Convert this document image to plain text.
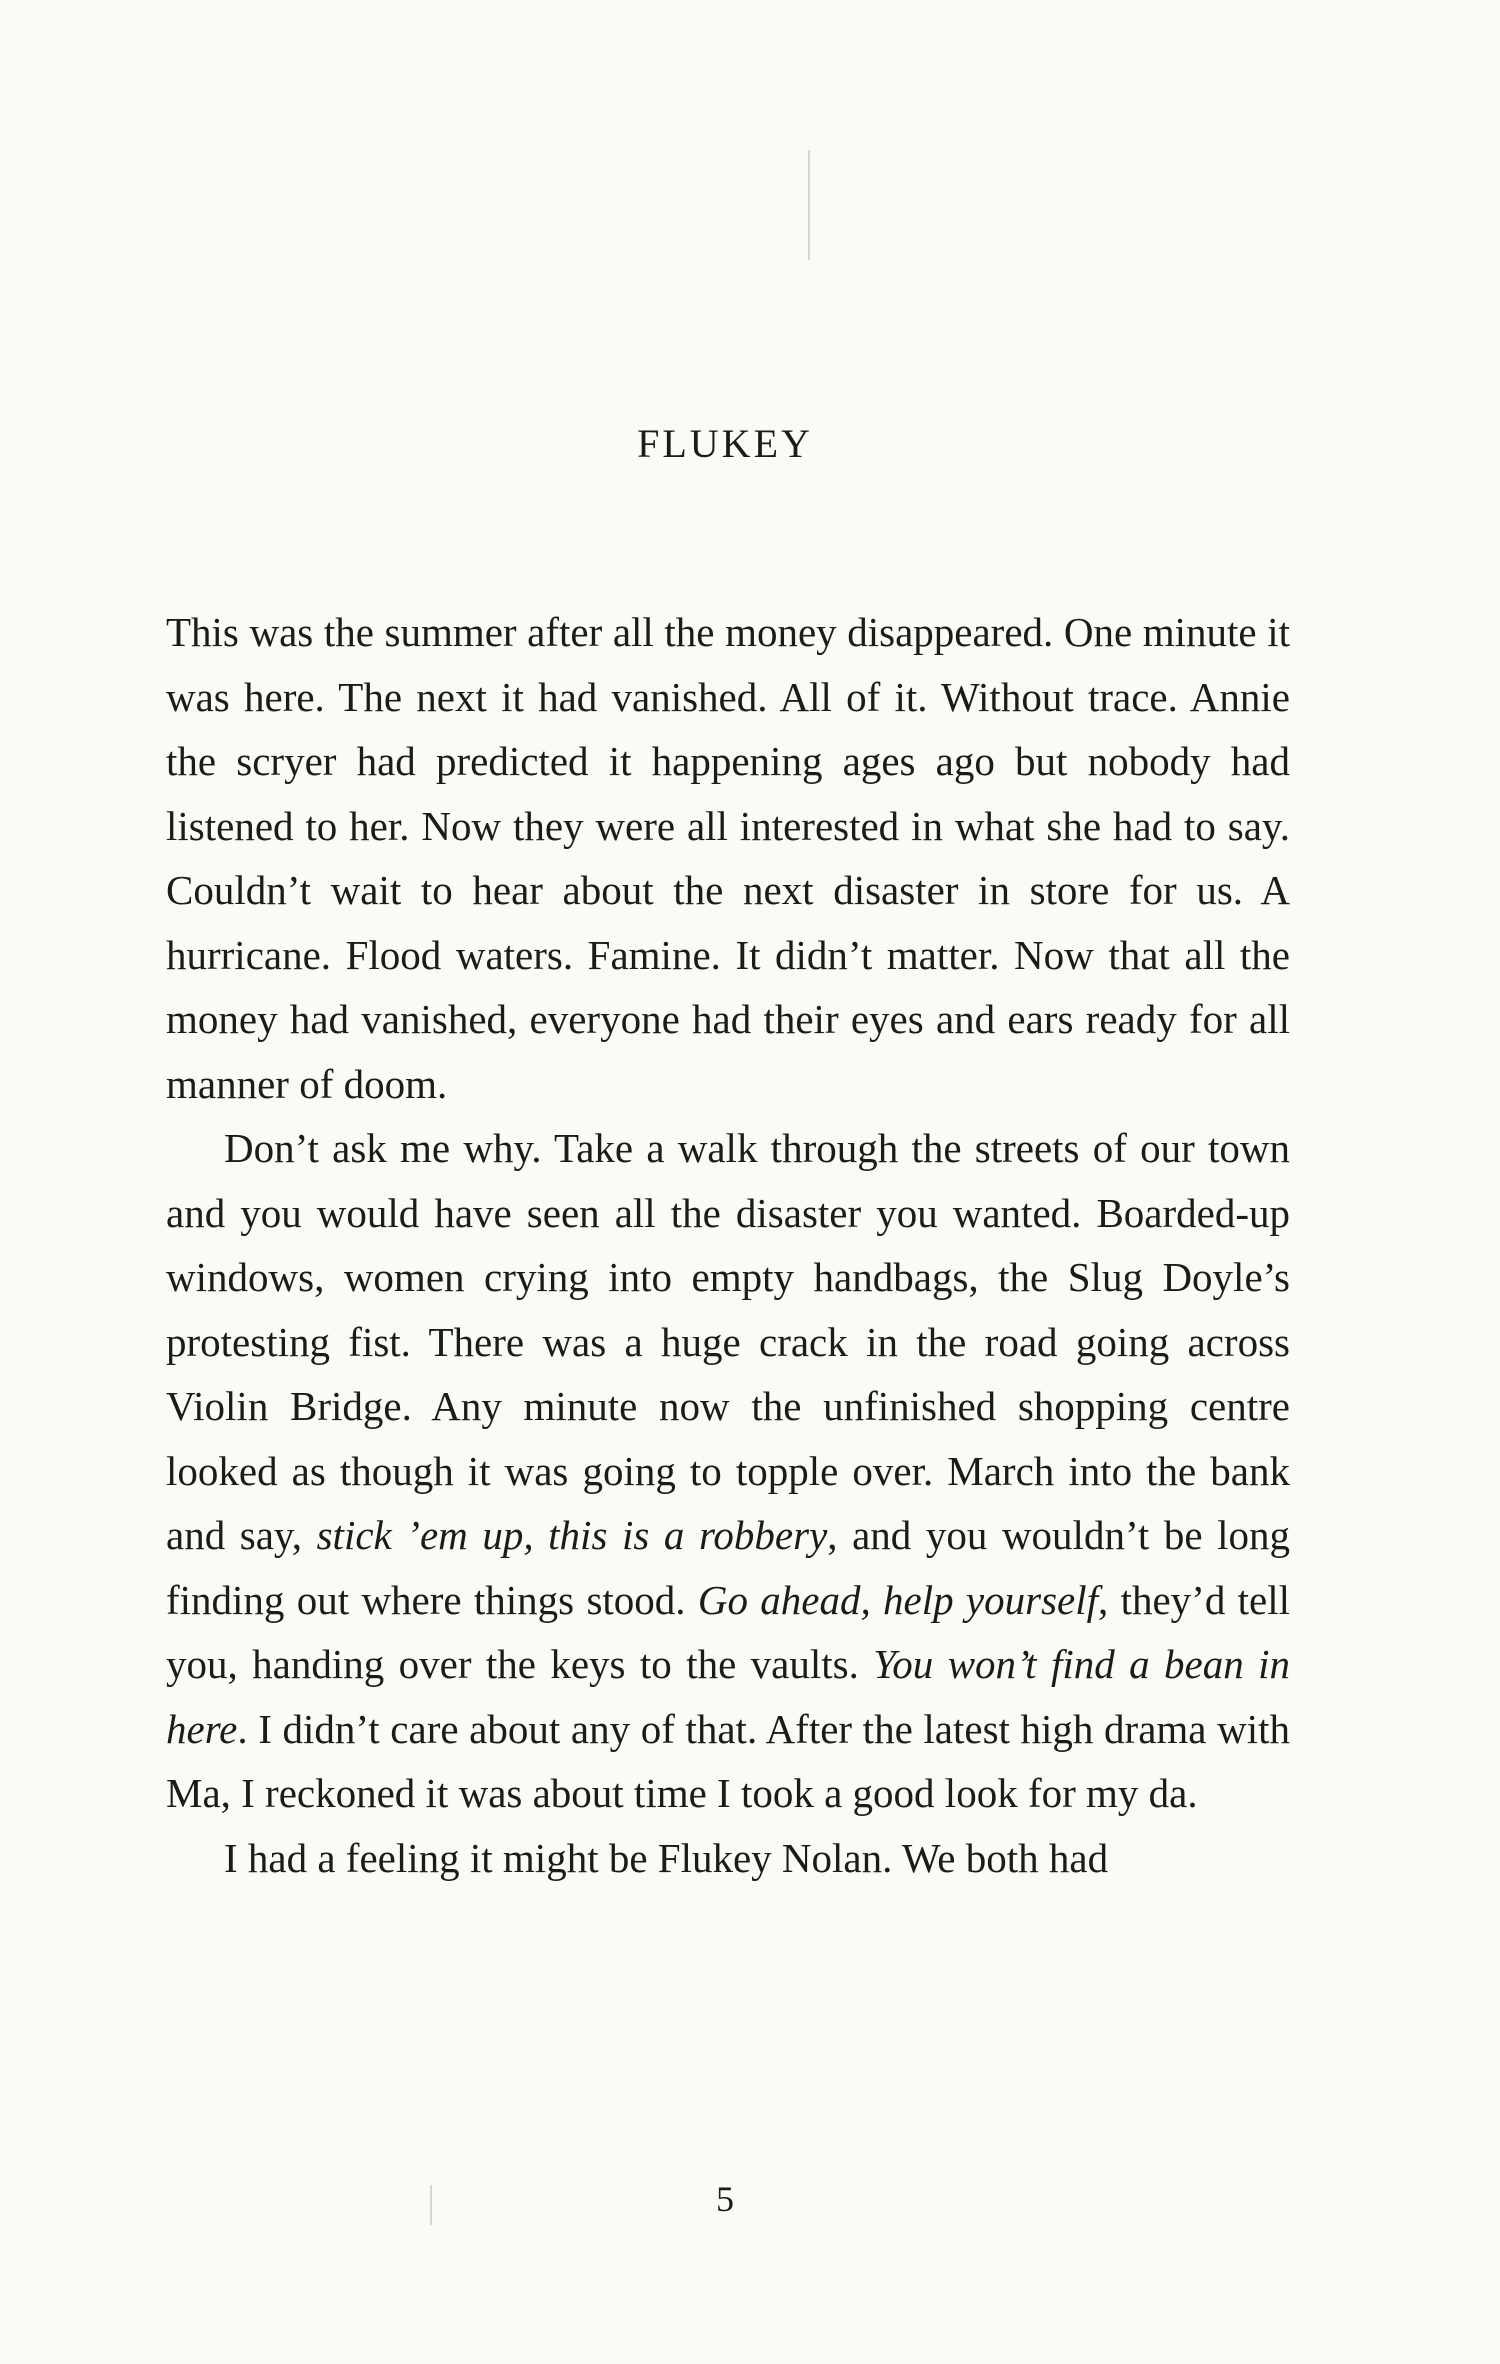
FLUKEY

This was the summer after all the money disappeared. One minute it was here. The next it had vanished. All of it. Without trace. Annie the scryer had predicted it happening ages ago but nobody had listened to her. Now they were all interested in what she had to say. Couldn’t wait to hear about the next disaster in store for us. A hurricane. Flood waters. Famine. It didn’t matter. Now that all the money had vanished, everyone had their eyes and ears ready for all manner of doom.

Don’t ask me why. Take a walk through the streets of our town and you would have seen all the disaster you wanted. Boarded-up windows, women crying into empty handbags, the Slug Doyle’s protesting fist. There was a huge crack in the road going across Violin Bridge. Any minute now the unfinished shopping centre looked as though it was going to topple over. March into the bank and say, stick ’em up, this is a robbery, and you wouldn’t be long finding out where things stood. Go ahead, help yourself, they’d tell you, handing over the keys to the vaults. You won’t find a bean in here. I didn’t care about any of that. After the latest high drama with Ma, I reckoned it was about time I took a good look for my da.

I had a feeling it might be Flukey Nolan. We both had

5
